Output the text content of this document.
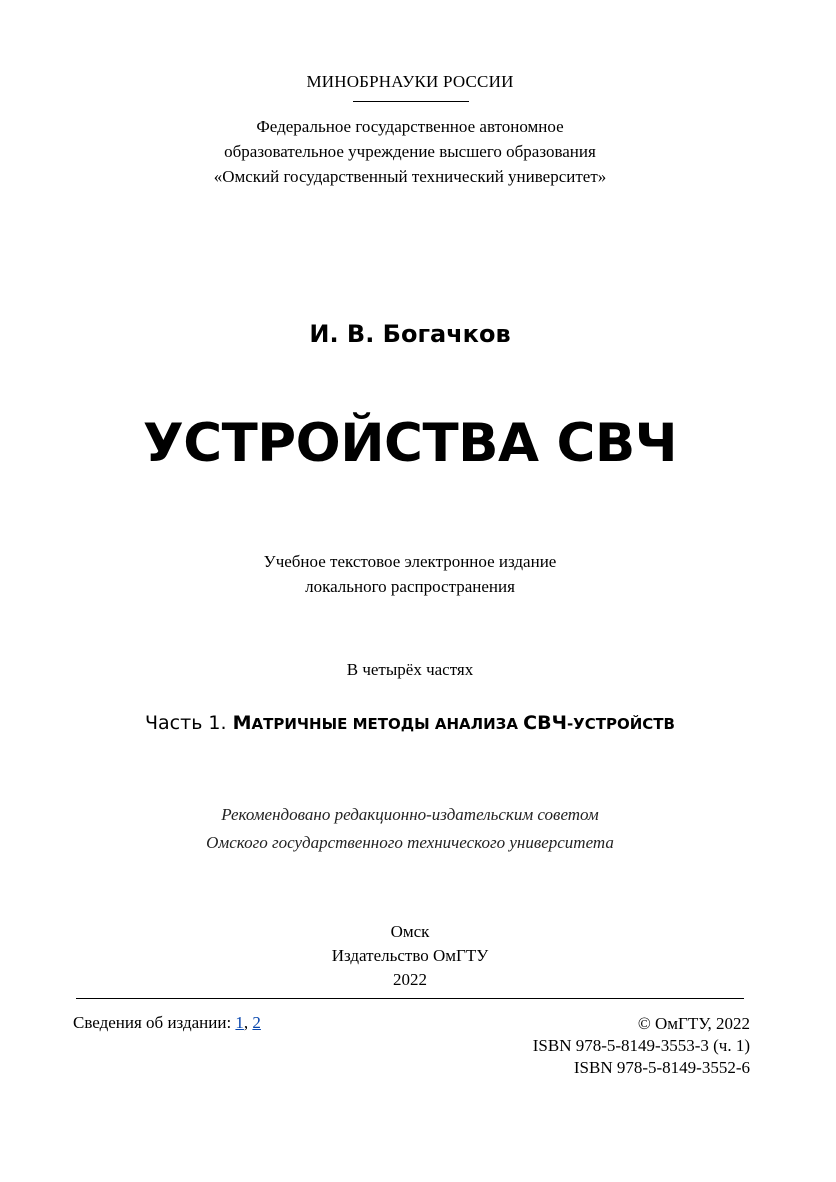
МИНОБРНАУКИ РОССИИ
Федеральное государственное автономное
образовательное учреждение высшего образования
«Омский государственный технический университет»
И. В. Богачков
УСТРОЙСТВА СВЧ
Учебное текстовое электронное издание
локального распространения
В четырёх частях
Часть 1. МАТРИЧНЫЕ МЕТОДЫ АНАЛИЗА СВЧ-УСТРОЙСТВ
Рекомендовано редакционно-издательским советом
Омского государственного технического университета
Омск
Издательство ОмГТУ
2022
Сведения об издании: 1, 2	© ОмГТУ, 2022
ISBN 978-5-8149-3553-3 (ч. 1)
ISBN 978-5-8149-3552-6
